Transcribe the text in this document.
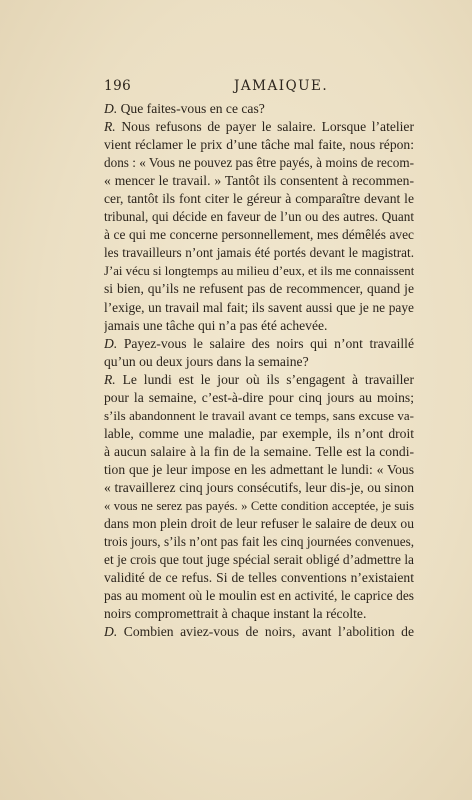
196	JAMAIQUE.
D. Que faites-vous en ce cas?
R. Nous refusons de payer le salaire. Lorsque l’atelier
vient réclamer le prix d’une tâche mal faite, nous répon:
dons : « Vous ne pouvez pas être payés, à moins de recom-
« mencer le travail. » Tantôt ils consentent à recommen-
cer, tantôt ils font citer le géreur à comparaître devant le
tribunal, qui décide en faveur de l’un ou des autres. Quant
à ce qui me concerne personnellement, mes démêlés avec
les travailleurs n’ont jamais été portés devant le magistrat.
J’ai vécu si longtemps au milieu d’eux, et ils me connaissent
si bien, qu’ils ne refusent pas de recommencer, quand je
l’exige, un travail mal fait; ils savent aussi que je ne paye
jamais une tâche qui n’a pas été achevée.
D. Payez-vous le salaire des noirs qui n’ont travaillé
qu’un ou deux jours dans la semaine?
R. Le lundi est le jour où ils s’engagent à travailler
pour la semaine, c’est-à-dire pour cinq jours au moins;
s’ils abandonnent le travail avant ce temps, sans excuse va-
lable, comme une maladie, par exemple, ils n’ont droit
à aucun salaire à la fin de la semaine. Telle est la condi-
tion que je leur impose en les admettant le lundi: « Vous
« travaillerez cinq jours consécutifs, leur dis-je, ou sinon
« vous ne serez pas payés. » Cette condition acceptée, je suis
dans mon plein droit de leur refuser le salaire de deux ou
trois jours, s’ils n’ont pas fait les cinq journées convenues,
et je crois que tout juge spécial serait obligé d’admettre la
validité de ce refus. Si de telles conventions n’existaient
pas au moment où le moulin est en activité, le caprice des
noirs compromettrait à chaque instant la récolte.
D. Combien aviez-vous de noirs, avant l’abolition de
